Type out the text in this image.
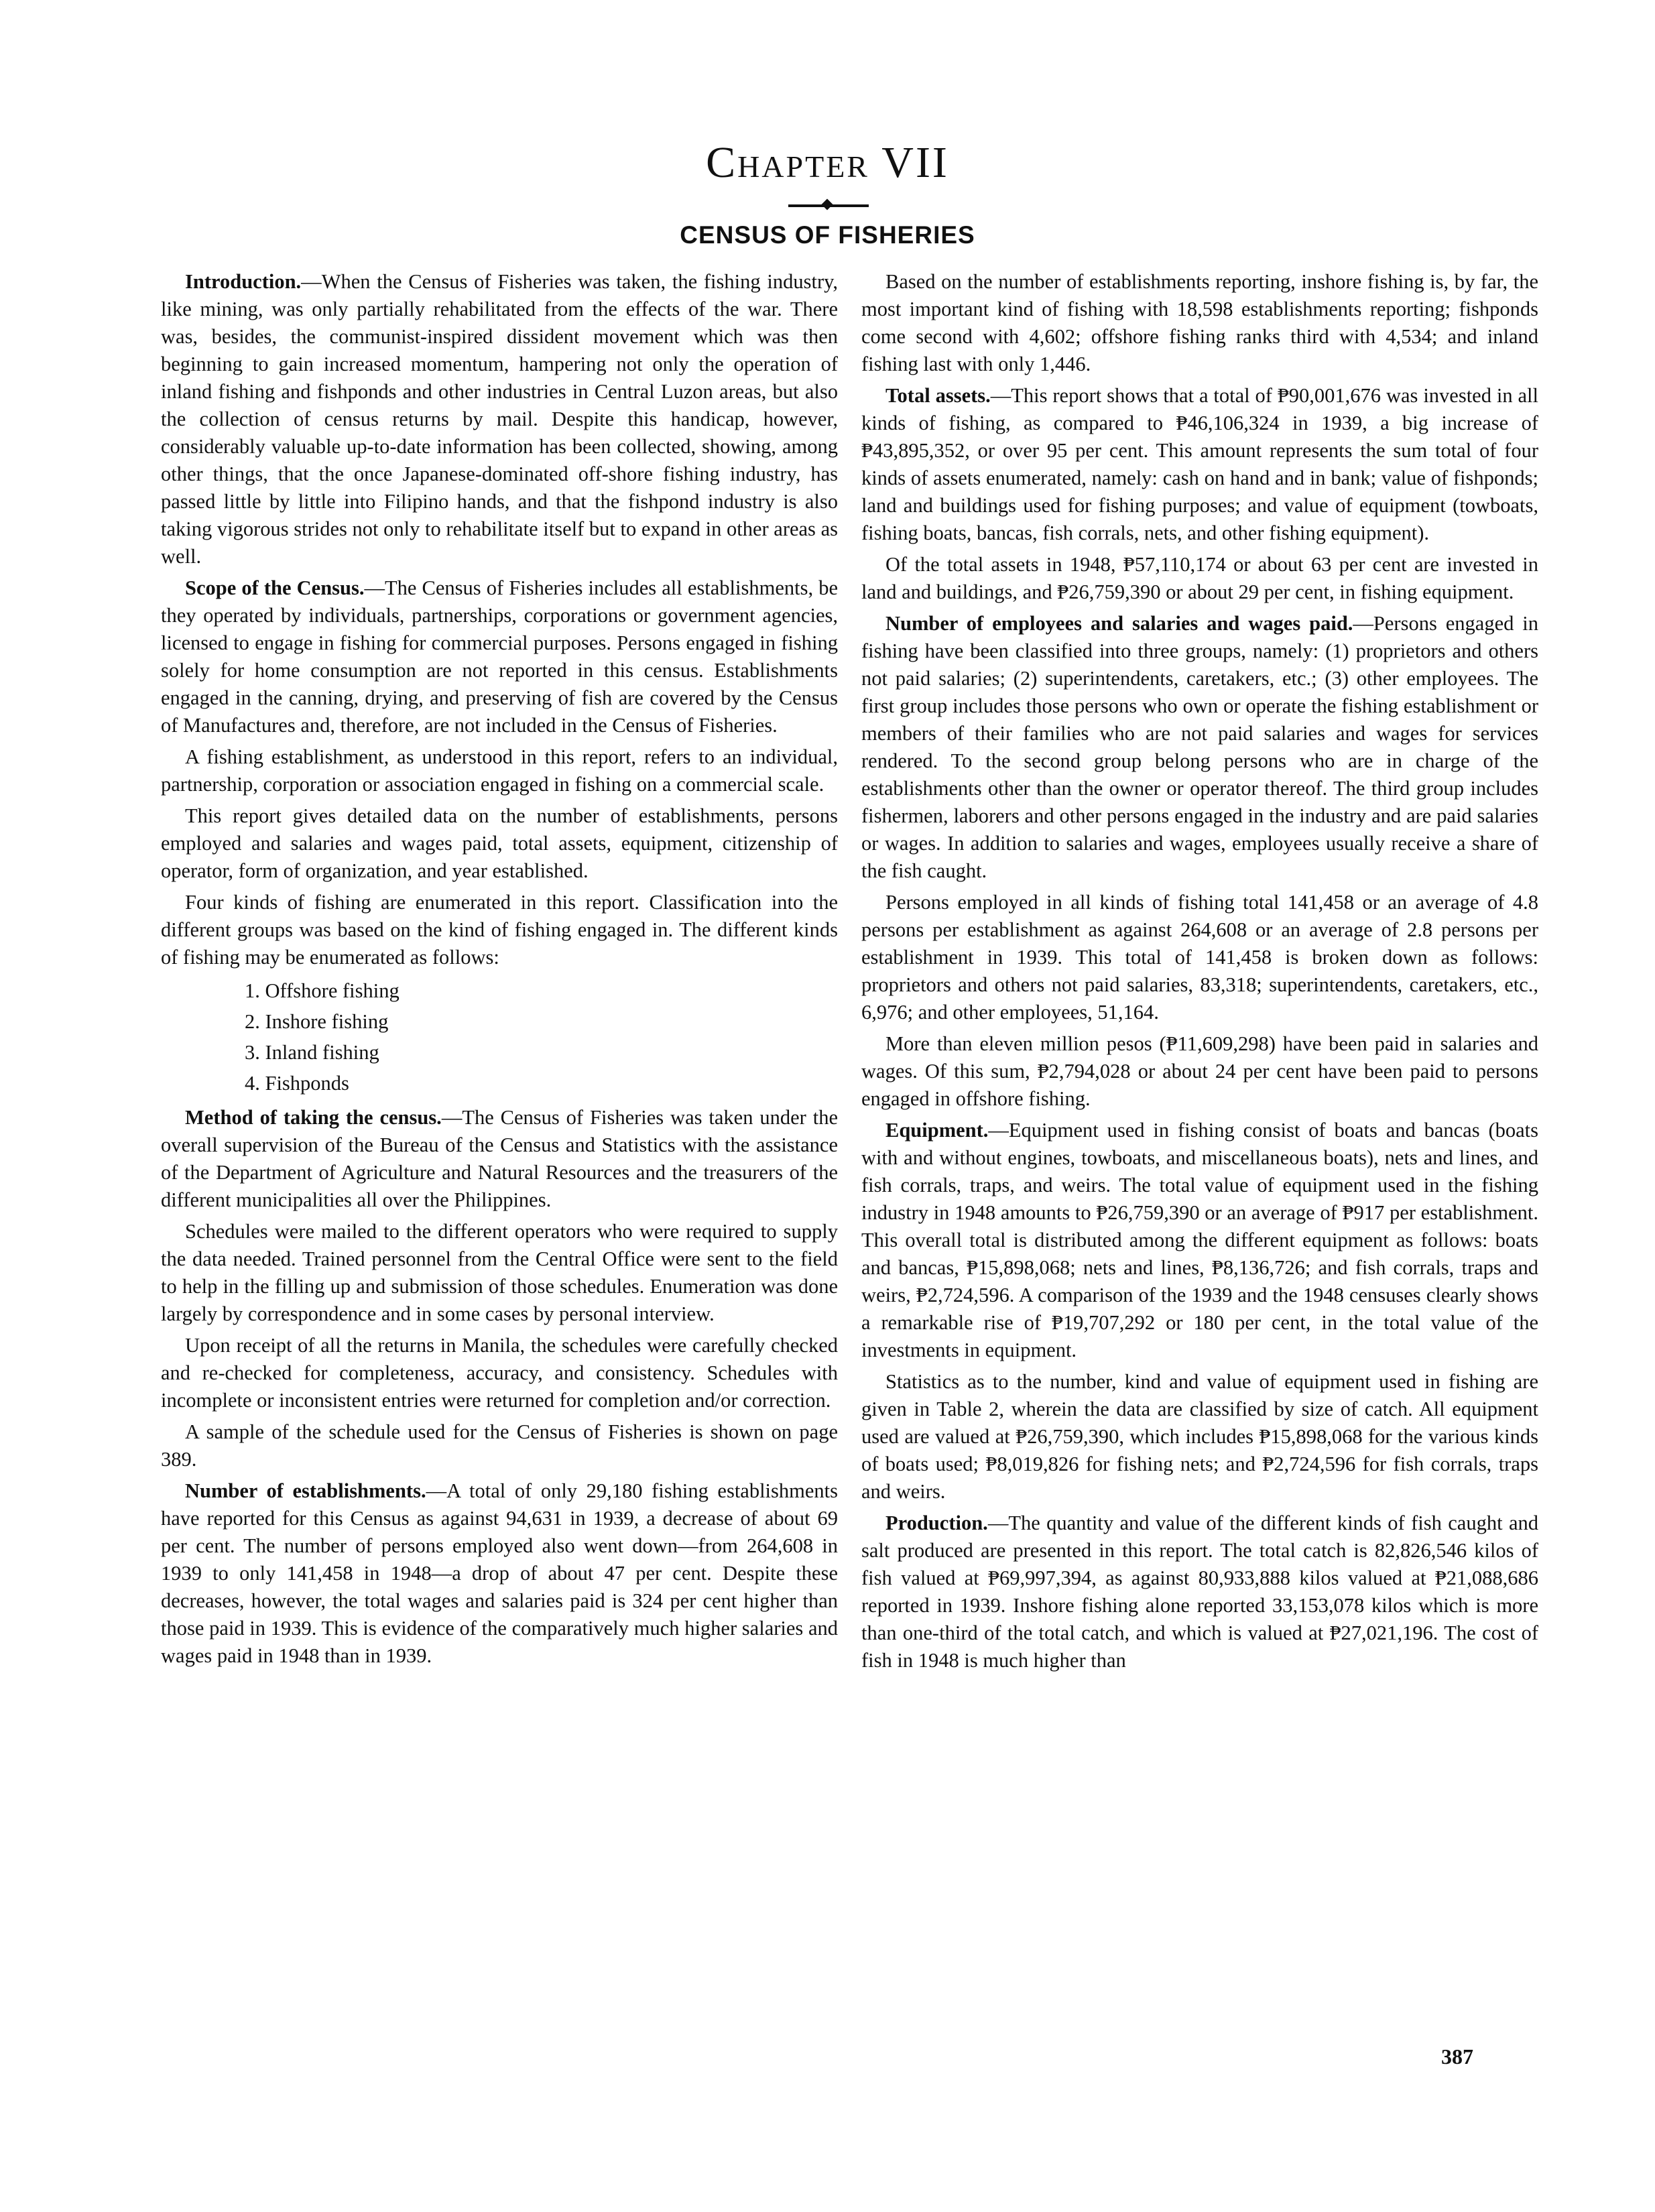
Chapter VII
CENSUS OF FISHERIES

Introduction.—When the Census of Fisheries was taken, the fishing industry, like mining, was only partially rehabilitated from the effects of the war. There was, besides, the communist-inspired dissident movement which was then beginning to gain increased momentum, hampering not only the operation of inland fishing and fishponds and other industries in Central Luzon areas, but also the collection of census returns by mail. Despite this handicap, however, considerably valuable up-to-date information has been collected, showing, among other things, that the once Japanese-dominated off-shore fishing industry, has passed little by little into Filipino hands, and that the fishpond industry is also taking vigorous strides not only to rehabilitate itself but to expand in other areas as well.

Scope of the Census.—The Census of Fisheries includes all establishments, be they operated by individuals, partnerships, corporations or government agencies, licensed to engage in fishing for commercial purposes. Persons engaged in fishing solely for home consumption are not reported in this census. Establishments engaged in the canning, drying, and preserving of fish are covered by the Census of Manufactures and, therefore, are not included in the Census of Fisheries.

A fishing establishment, as understood in this report, refers to an individual, partnership, corporation or association engaged in fishing on a commercial scale.

This report gives detailed data on the number of establishments, persons employed and salaries and wages paid, total assets, equipment, citizenship of operator, form of organization, and year established.

Four kinds of fishing are enumerated in this report. Classification into the different groups was based on the kind of fishing engaged in. The different kinds of fishing may be enumerated as follows:

1. Offshore fishing
2. Inshore fishing
3. Inland fishing
4. Fishponds

Method of taking the census.—The Census of Fisheries was taken under the overall supervision of the Bureau of the Census and Statistics with the assistance of the Department of Agriculture and Natural Resources and the treasurers of the different municipalities all over the Philippines.

Schedules were mailed to the different operators who were required to supply the data needed. Trained personnel from the Central Office were sent to the field to help in the filling up and submission of those schedules. Enumeration was done largely by correspondence and in some cases by personal interview.

Upon receipt of all the returns in Manila, the schedules were carefully checked and re-checked for completeness, accuracy, and consistency. Schedules with incomplete or inconsistent entries were returned for completion and/or correction.

A sample of the schedule used for the Census of Fisheries is shown on page 389.

Number of establishments.—A total of only 29,180 fishing establishments have reported for this Census as against 94,631 in 1939, a decrease of about 69 per cent. The number of persons employed also went down—from 264,608 in 1939 to only 141,458 in 1948—a drop of about 47 per cent. Despite these decreases, however, the total wages and salaries paid is 324 per cent higher than those paid in 1939. This is evidence of the comparatively much higher salaries and wages paid in 1948 than in 1939.

Based on the number of establishments reporting, inshore fishing is, by far, the most important kind of fishing with 18,598 establishments reporting; fishponds come second with 4,602; offshore fishing ranks third with 4,534; and inland fishing last with only 1,446.

Total assets.—This report shows that a total of ₱90,001,676 was invested in all kinds of fishing, as compared to ₱46,106,324 in 1939, a big increase of ₱43,895,352, or over 95 per cent. This amount represents the sum total of four kinds of assets enumerated, namely: cash on hand and in bank; value of fishponds; land and buildings used for fishing purposes; and value of equipment (towboats, fishing boats, bancas, fish corrals, nets, and other fishing equipment).

Of the total assets in 1948, ₱57,110,174 or about 63 per cent are invested in land and buildings, and ₱26,759,390 or about 29 per cent, in fishing equipment.

Number of employees and salaries and wages paid.—Persons engaged in fishing have been classified into three groups, namely: (1) proprietors and others not paid salaries; (2) superintendents, caretakers, etc.; (3) other employees. The first group includes those persons who own or operate the fishing establishment or members of their families who are not paid salaries and wages for services rendered. To the second group belong persons who are in charge of the establishments other than the owner or operator thereof. The third group includes fishermen, laborers and other persons engaged in the industry and are paid salaries or wages. In addition to salaries and wages, employees usually receive a share of the fish caught.

Persons employed in all kinds of fishing total 141,458 or an average of 4.8 persons per establishment as against 264,608 or an average of 2.8 persons per establishment in 1939. This total of 141,458 is broken down as follows: proprietors and others not paid salaries, 83,318; superintendents, caretakers, etc., 6,976; and other employees, 51,164.

More than eleven million pesos (₱11,609,298) have been paid in salaries and wages. Of this sum, ₱2,794,028 or about 24 per cent have been paid to persons engaged in offshore fishing.

Equipment.—Equipment used in fishing consist of boats and bancas (boats with and without engines, towboats, and miscellaneous boats), nets and lines, and fish corrals, traps, and weirs. The total value of equipment used in the fishing industry in 1948 amounts to ₱26,759,390 or an average of ₱917 per establishment. This overall total is distributed among the different equipment as follows: boats and bancas, ₱15,898,068; nets and lines, ₱8,136,726; and fish corrals, traps and weirs, ₱2,724,596. A comparison of the 1939 and the 1948 censuses clearly shows a remarkable rise of ₱19,707,292 or 180 per cent, in the total value of the investments in equipment.

Statistics as to the number, kind and value of equipment used in fishing are given in Table 2, wherein the data are classified by size of catch. All equipment used are valued at ₱26,759,390, which includes ₱15,898,068 for the various kinds of boats used; ₱8,019,826 for fishing nets; and ₱2,724,596 for fish corrals, traps and weirs.

Production.—The quantity and value of the different kinds of fish caught and salt produced are presented in this report. The total catch is 82,826,546 kilos of fish valued at ₱69,997,394, as against 80,933,888 kilos valued at ₱21,088,686 reported in 1939. Inshore fishing alone reported 33,153,078 kilos which is more than one-third of the total catch, and which is valued at ₱27,021,196. The cost of fish in 1948 is much higher than

387
